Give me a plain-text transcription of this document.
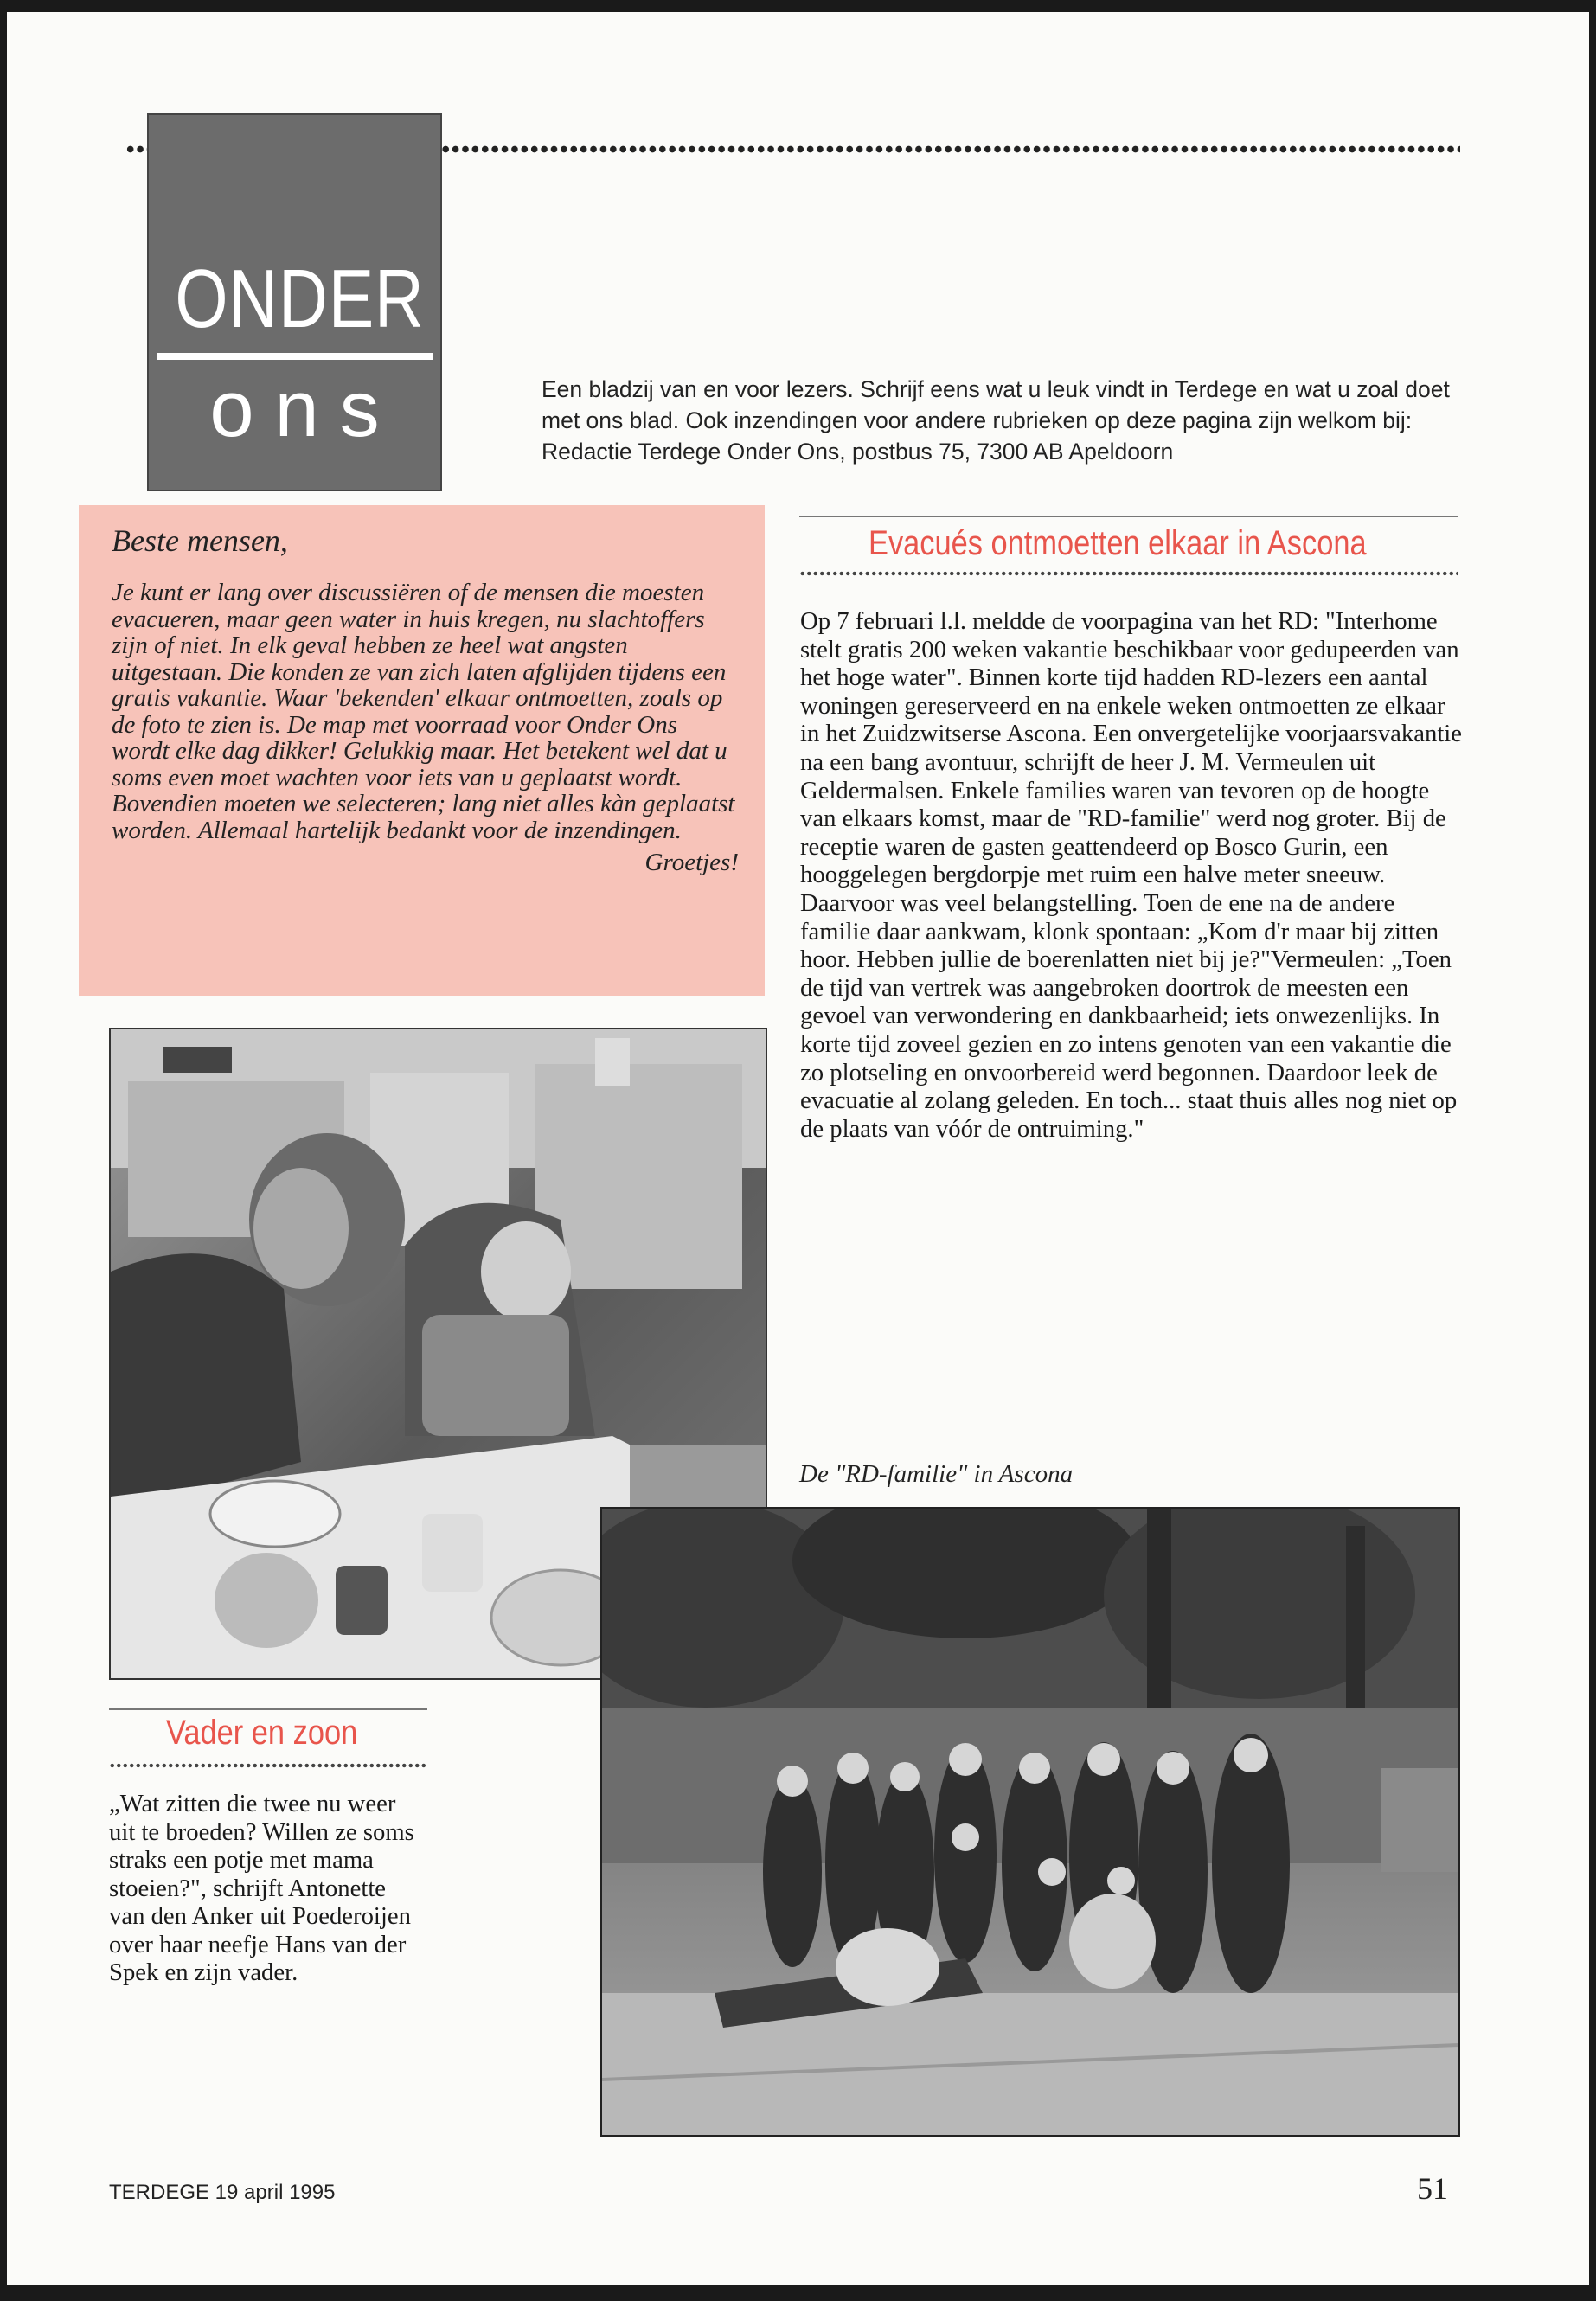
ONDER
ons	Een bladzij van en voor lezers. Schrijf eens wat u leuk vindt in Terdege en wat u zoal doet met ons blad. Ook inzendingen voor andere rubrieken op deze pagina zijn welkom bij: Redactie Terdege Onder Ons, postbus 75, 7300 AB Apeldoorn

Beste mensen,

Je kunt er lang over discussiëren of de mensen die moesten evacueren, maar geen water in huis kregen, nu slachtoffers zijn of niet. In elk geval hebben ze heel wat angsten uitgestaan. Die konden ze van zich laten afglijden tijdens een gratis vakantie. Waar 'bekenden' elkaar ontmoetten, zoals op de foto te zien is. De map met voorraad voor Onder Ons wordt elke dag dikker! Gelukkig maar. Het betekent wel dat u soms even moet wachten voor iets van u geplaatst wordt. Bovendien moeten we selecteren; lang niet alles kàn geplaatst worden. Allemaal hartelijk bedankt voor de inzendingen.

Groetjes!

Evacués ontmoetten elkaar in Ascona

Op 7 februari l.l. meldde de voorpagina van het RD: "Interhome stelt gratis 200 weken vakantie beschikbaar voor gedupeerden van het hoge water". Binnen korte tijd hadden RD-lezers een aantal woningen gereserveerd en na enkele weken ontmoetten ze elkaar in het Zuidzwitserse Ascona. Een onvergetelijke voorjaarsvakantie na een bang avontuur, schrijft de heer J. M. Vermeulen uit Geldermalsen. Enkele families waren van tevoren op de hoogte van elkaars komst, maar de "RD-familie" werd nog groter. Bij de receptie waren de gasten geattendeerd op Bosco Gurin, een hooggelegen bergdorpje met ruim een halve meter sneeuw. Daarvoor was veel belangstelling. Toen de ene na de andere familie daar aankwam, klonk spontaan: „Kom d'r maar bij zitten hoor. Hebben jullie de boerenlatten niet bij je?"Vermeulen: „Toen de tijd van vertrek was aangebroken doortrok de meesten een gevoel van verwondering en dankbaarheid; iets onwezenlijks. In korte tijd zoveel gezien en zo intens genoten van een vakantie die zo plotseling en onvoorbereid werd begonnen. Daardoor leek de evacuatie al zolang geleden. En toch... staat thuis alles nog niet op de plaats van vóór de ontruiming."

De "RD-familie" in Ascona

Vader en zoon

„Wat zitten die twee nu weer uit te broeden? Willen ze soms straks een potje met mama stoeien?", schrijft Antonette van den Anker uit Poederoijen over haar neefje Hans van der Spek en zijn vader.

TERDEGE 19 april 1995	51
